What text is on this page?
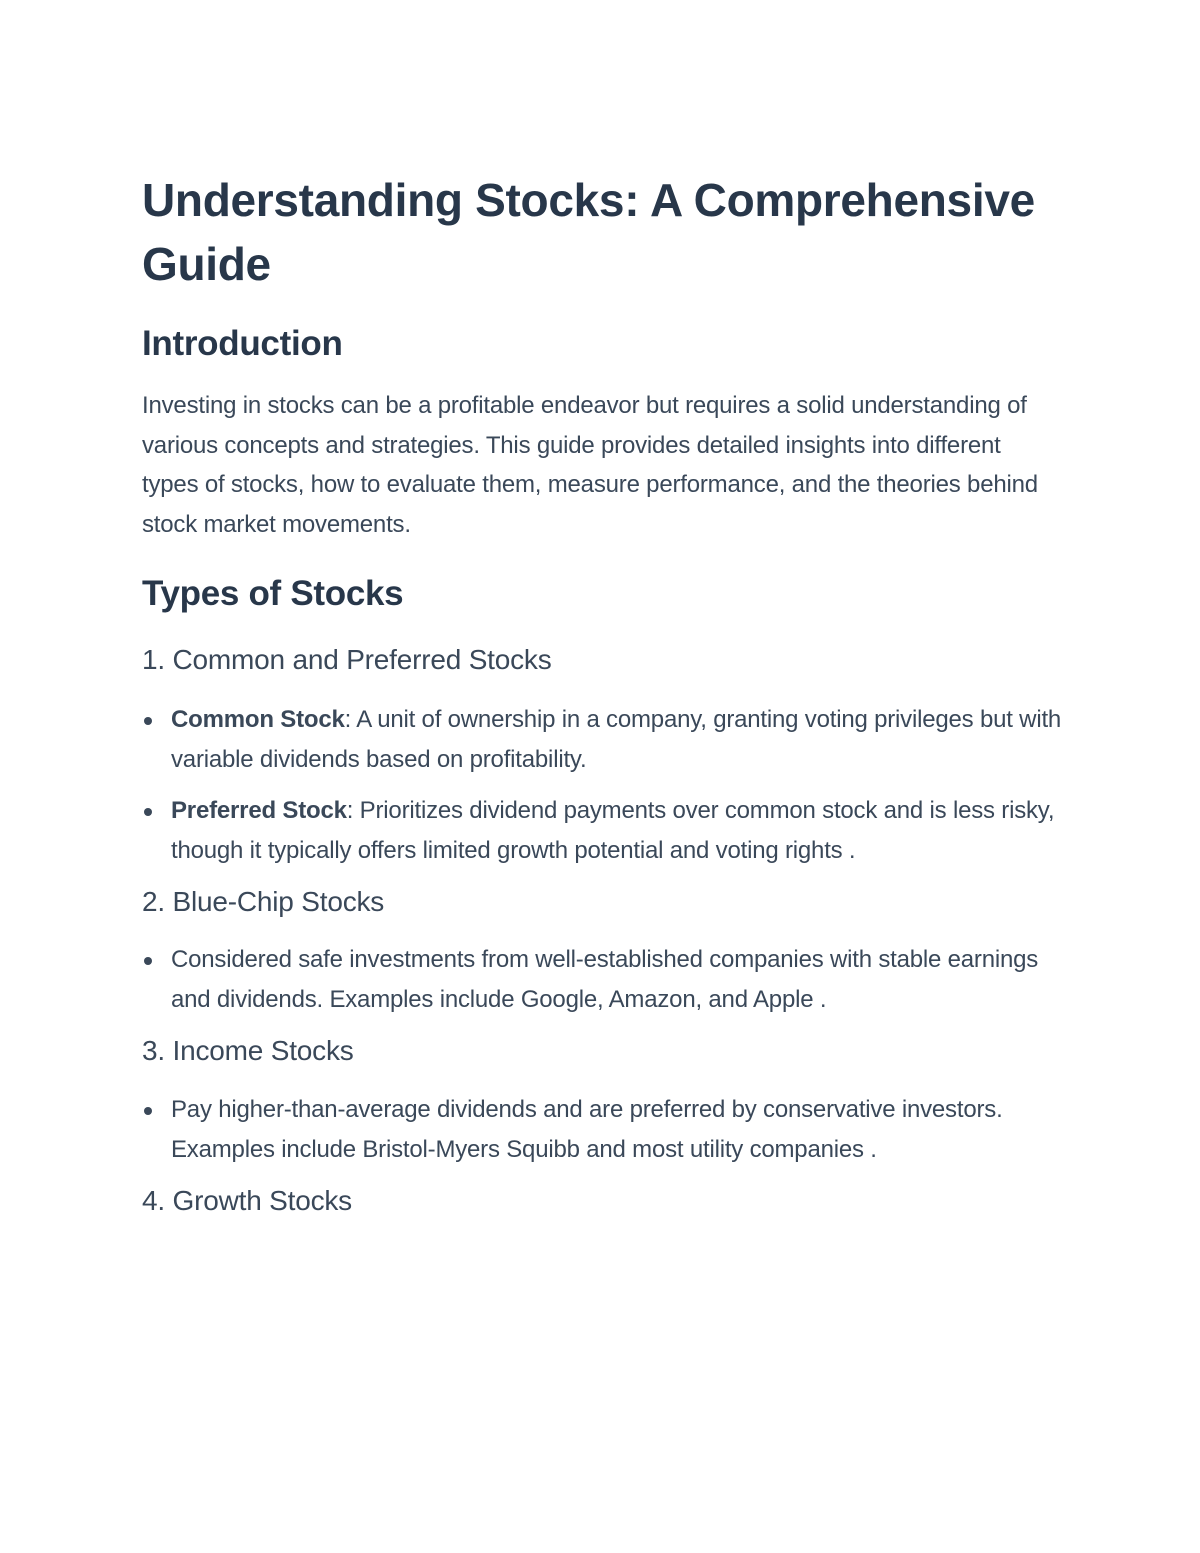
Understanding Stocks: A Comprehensive Guide
Introduction

Investing in stocks can be a profitable endeavor but requires a solid understanding of various concepts and strategies. This guide provides detailed insights into different types of stocks, how to evaluate them, measure performance, and the theories behind stock market movements.

Types of Stocks
1. Common and Preferred Stocks
Common Stock: A unit of ownership in a company, granting voting privileges but with variable dividends based on profitability.
Preferred Stock: Prioritizes dividend payments over common stock and is less risky, though it typically offers limited growth potential and voting rights .
2. Blue-Chip Stocks
Considered safe investments from well-established companies with stable earnings and dividends. Examples include Google, Amazon, and Apple .
3. Income Stocks
Pay higher-than-average dividends and are preferred by conservative investors. Examples include Bristol-Myers Squibb and most utility companies .
4. Growth Stocks
